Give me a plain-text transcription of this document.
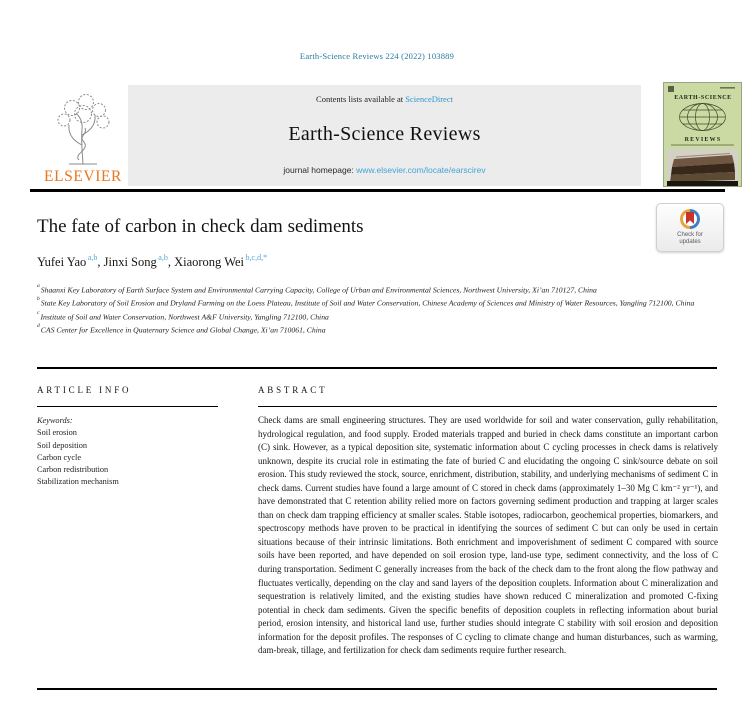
Earth-Science Reviews 224 (2022) 103889
Contents lists available at ScienceDirect
Earth-Science Reviews
journal homepage: www.elsevier.com/locate/earscirev
ELSEVIER
EARTH-SCIENCE
REVIEWS
The fate of carbon in check dam sediments	Check for
updates
Yufei Yao $^{a,b}$, Jinxi Song $^{a,b}$, Xiaorong Wei $^{b,c,d,*}$
$^a$Shaanxi Key Laboratory of Earth Surface System and Environmental Carrying Capacity, College of Urban and Environmental Sciences, Northwest University, Xi’an 710127, China
$^b$State Key Laboratory of Soil Erosion and Dryland Farming on the Loess Plateau, Institute of Soil and Water Conservation, Chinese Academy of Sciences and Ministry of Water Resources, Yangling 712100, China
$^c$Institute of Soil and Water Conservation, Northwest A&F University, Yangling 712100, China
$^d$CAS Center for Excellence in Quaternary Science and Global Change, Xi’an 710061, China
ARTICLE INFO	ABSTRACT
Keywords:
Soil erosion
Soil deposition
Carbon cycle
Carbon redistribution
Stabilization mechanism
Check dams are small engineering structures. They are used worldwide for soil and water conservation, gully rehabilitation, hydrological regulation, and food supply. Eroded materials trapped and buried in check dams constitute an important carbon (C) sink. However, as a typical deposition site, systematic information about C cycling processes in check dams is relatively unknown, despite its crucial role in estimating the fate of buried C and elucidating the ongoing C sink/source debate on soil erosion. This study reviewed the stock, source, enrichment, distribution, stability, and underlying mechanisms of sediment C in check dams. Current studies have found a large amount of C stored in check dams (approximately 1–30 Mg C km⁻² yr⁻¹), and have demonstrated that C retention ability relied more on factors governing sediment production and trapping at larger scales than on check dam trapping efficiency at smaller scales. Stable isotopes, radiocarbon, geochemical properties, biomarkers, and spectroscopy methods have proven to be practical in identifying the sources of sediment C but can only be used in certain situations because of their intrinsic limitations. Both enrichment and impoverishment of sediment C compared with source soils have been reported, and have depended on soil erosion type, land-use type, sediment connectivity, and the loss of C during transportation. Sediment C generally increases from the back of the check dam to the front along the flow pathway and fluctuates vertically, depending on the clay and sand layers of the deposition couplets. Information about C mineralization and sequestration is relatively limited, and the existing studies have shown reduced C mineralization and promoted C-fixing potential in check dam sediments. Given the specific benefits of deposition couplets in reflecting information about burial period, erosion intensity, and historical land use, further studies should integrate C stability with soil erosion and deposition information for the deposit profiles. The responses of C cycling to climate change and human disturbances, such as warming, dam-break, tillage, and fertilization for check dam sediments require further research.
